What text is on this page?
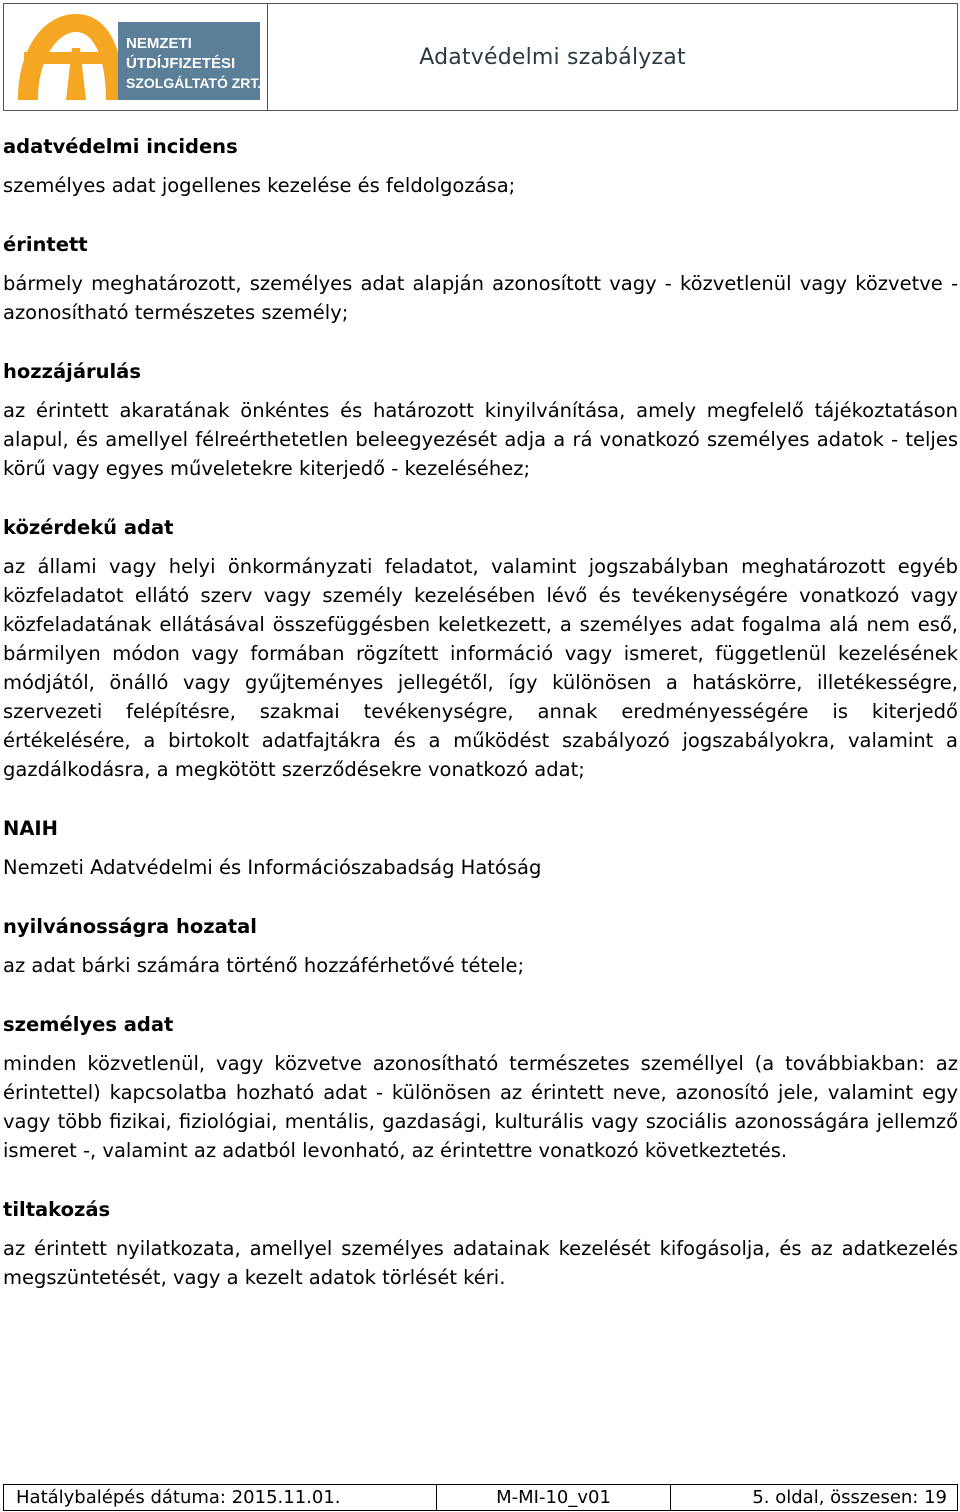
NEMZETI
ÚTDÍJFIZETÉSI
SZOLGÁLTATÓ ZRT.
Adatvédelmi szabályzat

adatvédelmi incidens

személyes adat jogellenes kezelése és feldolgozása;

érintett

bármely meghatározott, személyes adat alapján azonosított vagy - közvetlenül vagy közvetve - azonosítható természetes személy;

hozzájárulás

az érintett akaratának önkéntes és határozott kinyilvánítása, amely megfelelő tájékoztatáson alapul, és amellyel félreérthetetlen beleegyezését adja a rá vonatkozó személyes adatok - teljes körű vagy egyes műveletekre kiterjedő - kezeléséhez;

közérdekű adat

az állami vagy helyi önkormányzati feladatot, valamint jogszabályban meghatározott egyéb közfeladatot ellátó szerv vagy személy kezelésében lévő és tevékenységére vonatkozó vagy közfeladatának ellátásával összefüggésben keletkezett, a személyes adat fogalma alá nem eső, bármilyen módon vagy formában rögzített információ vagy ismeret, függetlenül kezelésének módjától, önálló vagy gyűjteményes jellegétől, így különösen a hatáskörre, illetékességre, szervezeti felépítésre, szakmai tevékenységre, annak eredményességére is kiterjedő értékelésére, a birtokolt adatfajtákra és a működést szabályozó jogszabályokra, valamint a gazdálkodásra, a megkötött szerződésekre vonatkozó adat;

NAIH

Nemzeti Adatvédelmi és Információszabadság Hatóság

nyilvánosságra hozatal

az adat bárki számára történő hozzáférhetővé tétele;

személyes adat

minden közvetlenül, vagy közvetve azonosítható természetes személlyel (a továbbiakban: az érintettel) kapcsolatba hozható adat - különösen az érintett neve, azonosító jele, valamint egy vagy több fizikai, fiziológiai, mentális, gazdasági, kulturális vagy szociális azonosságára jellemző ismeret -, valamint az adatból levonható, az érintettre vonatkozó következtetés.

tiltakozás

az érintett nyilatkozata, amellyel személyes adatainak kezelését kifogásolja, és az adatkezelés megszüntetését, vagy a kezelt adatok törlését kéri.

Hatálybalépés dátuma: 2015.11.01.	M-MI-10_v01	5. oldal, összesen: 19
